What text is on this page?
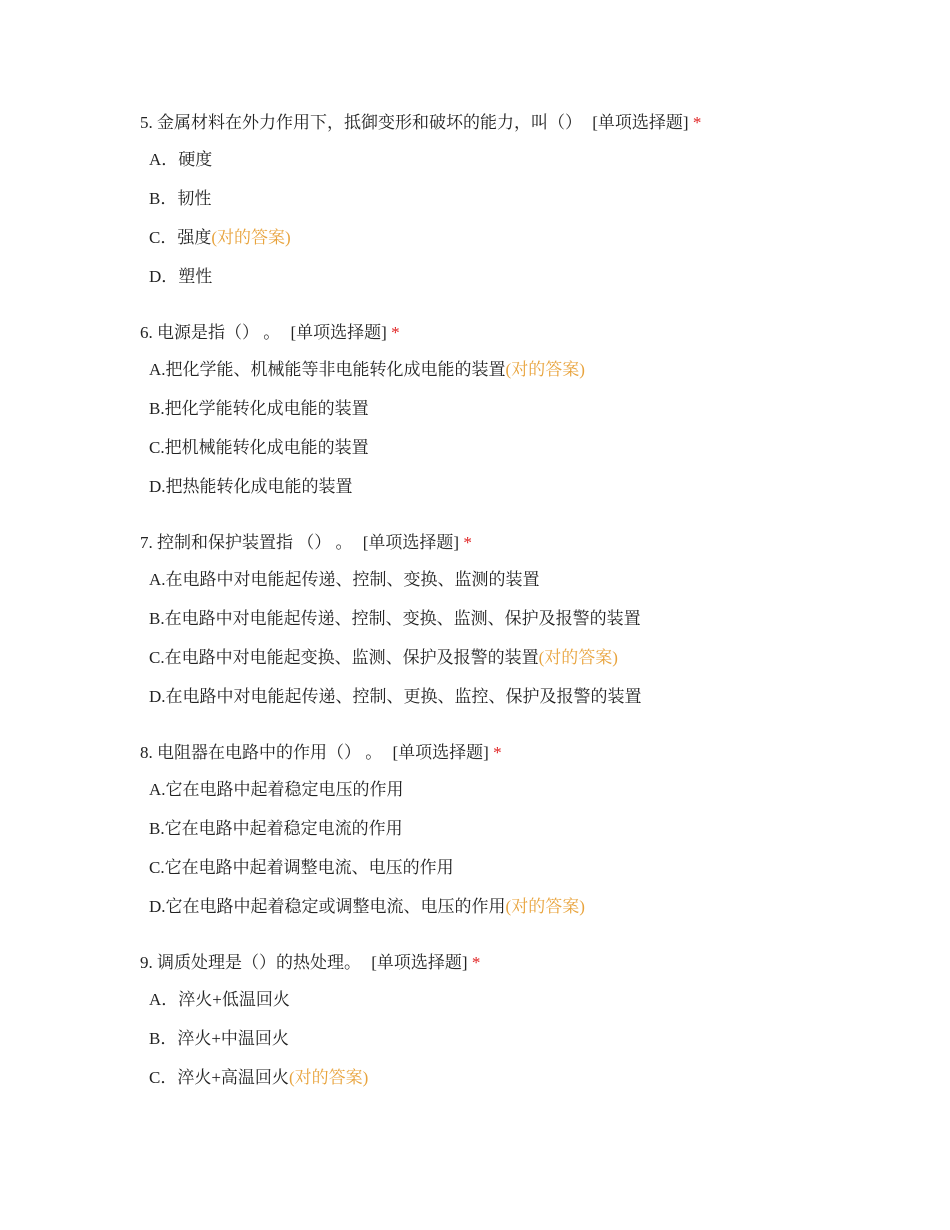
5. 金属材料在外力作用下，抵御变形和破坏的能力，叫（） [单项选择题] *
A．硬度
B．韧性
C．强度(对的答案)
D．塑性
6. 电源是指（） 。 [单项选择题] *
A.把化学能、机械能等非电能转化成电能的装置(对的答案)
B.把化学能转化成电能的装置
C.把机械能转化成电能的装置
D.把热能转化成电能的装置
7. 控制和保护装置指 （） 。 [单项选择题] *
A.在电路中对电能起传递、控制、变换、监测的装置
B.在电路中对电能起传递、控制、变换、监测、保护及报警的装置
C.在电路中对电能起变换、监测、保护及报警的装置(对的答案)
D.在电路中对电能起传递、控制、更换、监控、保护及报警的装置
8. 电阻器在电路中的作用（） 。 [单项选择题] *
A.它在电路中起着稳定电压的作用
B.它在电路中起着稳定电流的作用
C.它在电路中起着调整电流、电压的作用
D.它在电路中起着稳定或调整电流、电压的作用(对的答案)
9. 调质处理是（）的热处理。 [单项选择题] *
A．淬火+低温回火
B．淬火+中温回火
C．淬火+高温回火(对的答案)
